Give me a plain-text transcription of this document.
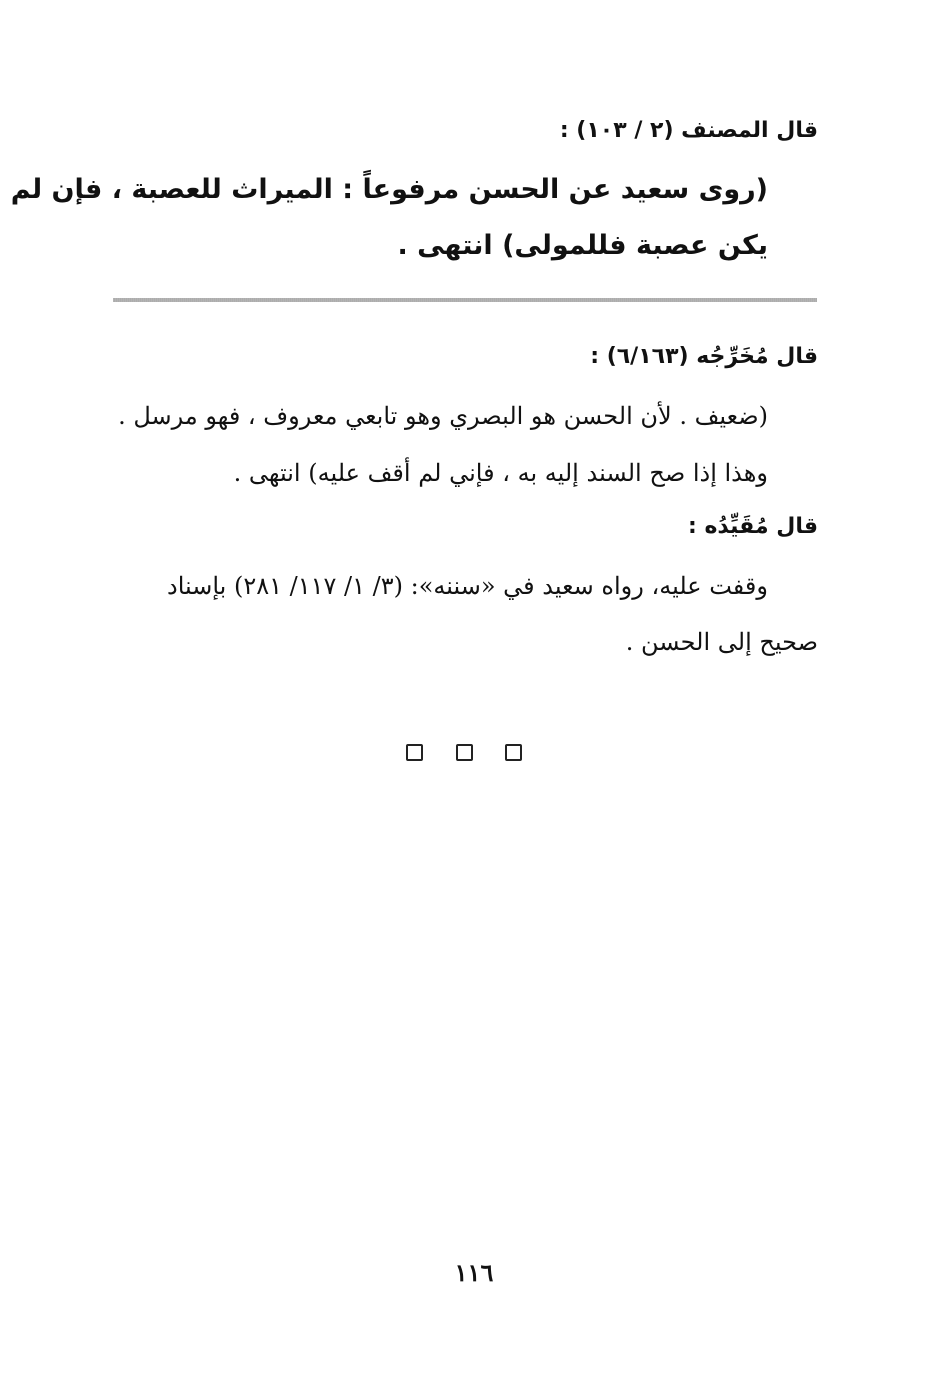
قال المصنف (٢ / ١٠٣) :
(روى سعيد عن الحسن مرفوعاً : الميراث للعصبة ، فإن لم
يكن عصبة فللمولى) انتهى .
قال مُخَرِّجُه (٦/١٦٣) :
(ضعيف . لأن الحسن هو البصري وهو تابعي معروف ، فهو مرسل .
وهذا إذا صح السند إليه به ، فإني لم أقف عليه) انتهى .
قال مُقَيِّدُه :
وقفت عليه، رواه سعيد في «سننه»: (٣/ ١/ ١١٧/ ٢٨١) بإسناد
صحيح إلى الحسن .
١١٦
